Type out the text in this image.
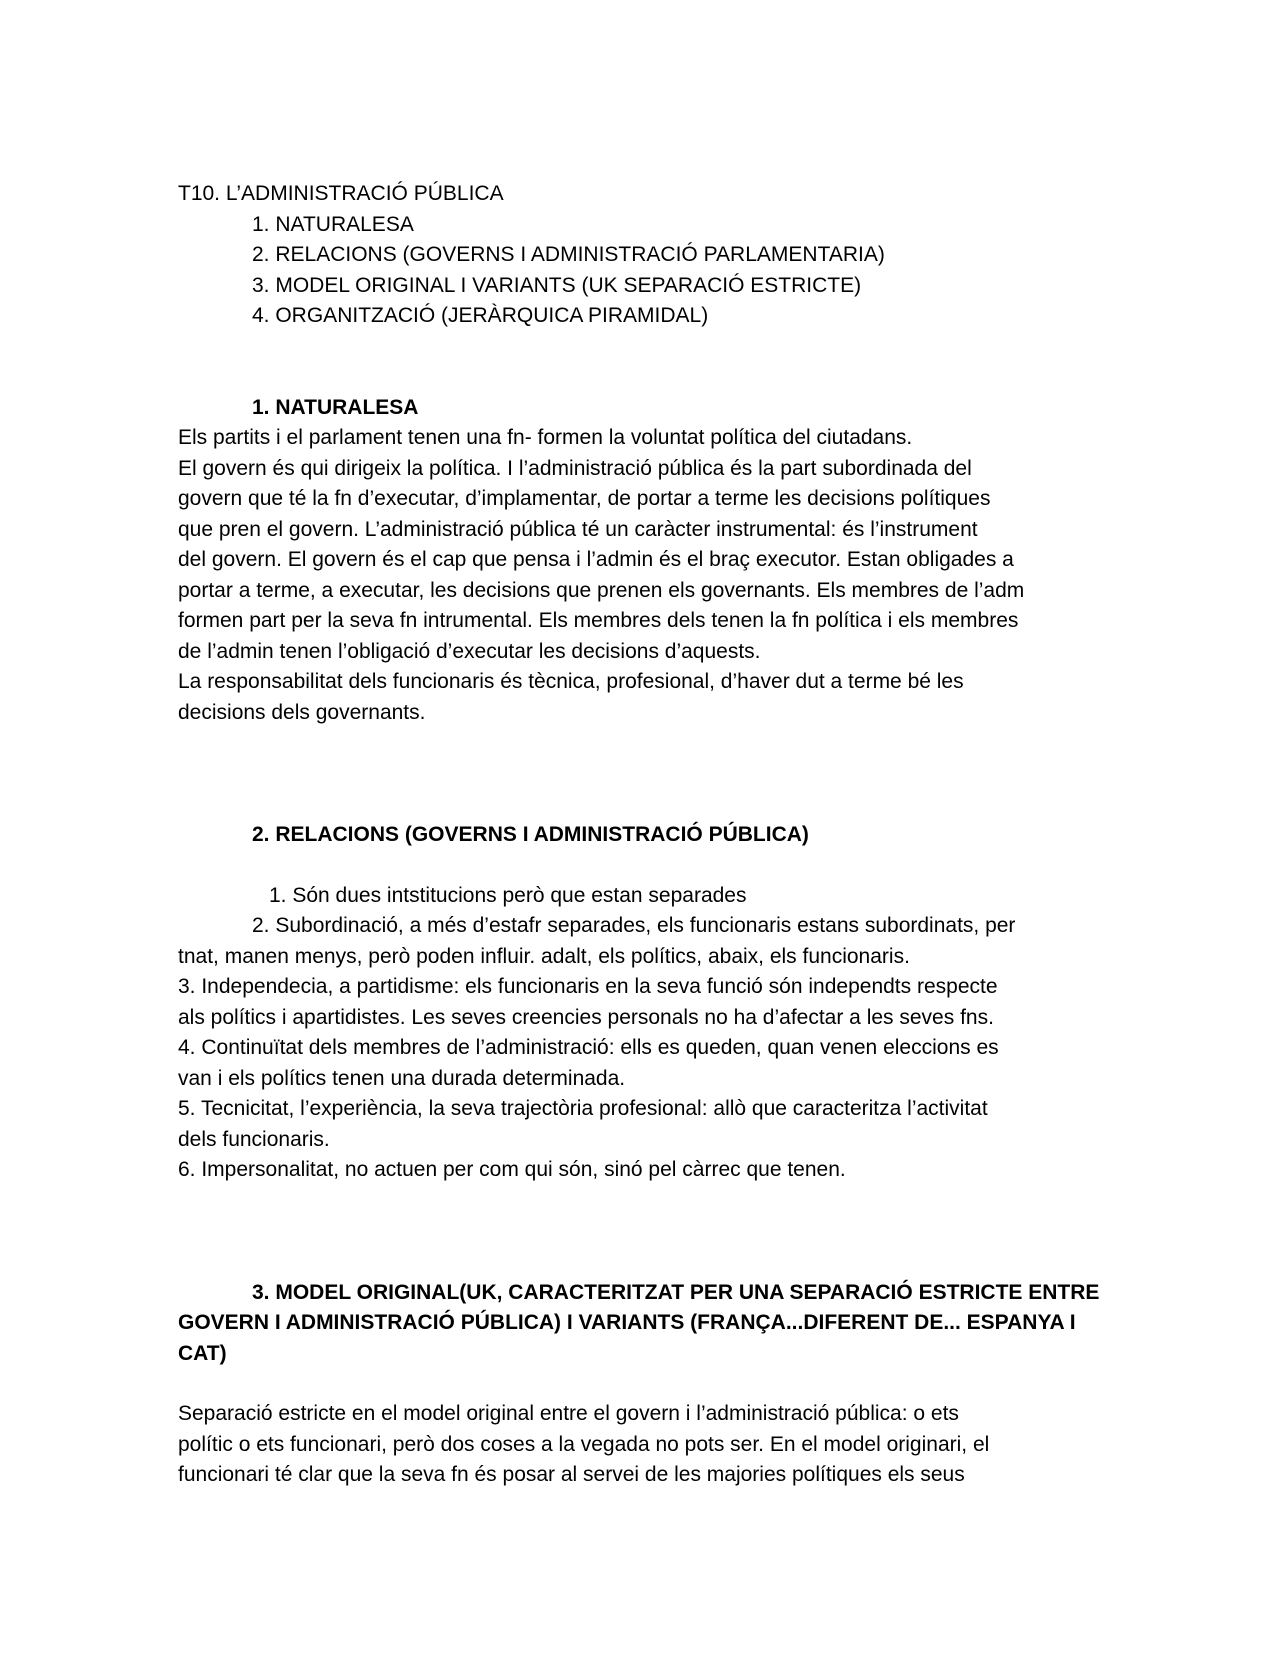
T10. L’ADMINISTRACIÓ PÚBLICA
1. NATURALESA
2. RELACIONS (GOVERNS I ADMINISTRACIÓ PARLAMENTARIA)
3. MODEL ORIGINAL I VARIANTS (UK SEPARACIÓ ESTRICTE)
4. ORGANITZACIÓ (JERÀRQUICA PIRAMIDAL)
1. NATURALESA
Els partits i el parlament tenen una fn- formen la voluntat política del ciutadans.
El govern és qui dirigeix la política. I l’administració pública és la part subordinada del
govern que té la fn d’executar, d’implamentar, de portar a terme les decisions polítiques
que pren el govern. L’administració pública té un caràcter instrumental: és l’instrument
del govern. El govern és el cap que pensa i l’admin és el braç executor. Estan obligades a
portar a terme, a executar, les decisions que prenen els governants. Els membres de l’adm
formen part per la seva fn intrumental. Els membres dels tenen la fn política i els membres
de l’admin tenen l’obligació d’executar les decisions d’aquests.
La responsabilitat dels funcionaris és tècnica, profesional, d’haver dut a terme bé les
decisions dels governants.
2. RELACIONS (GOVERNS I ADMINISTRACIÓ PÚBLICA)
1. Són dues intstitucions però que estan separades
2. Subordinació, a més d’estafr separades, els funcionaris estans subordinats, per
tnat, manen menys, però poden influir. adalt, els polítics, abaix, els funcionaris.
3. Independecia, a partidisme: els funcionaris en la seva funció són independts respecte
als polítics i apartidistes. Les seves creencies personals no ha d’afectar a les seves fns.
4. Continuïtat dels membres de l’administració: ells es queden, quan venen eleccions es
van i els polítics tenen una durada determinada.
5. Tecnicitat, l’experiència, la seva trajectòria profesional: allò que caracteritza l’activitat
dels funcionaris.
6. Impersonalitat, no actuen per com qui són, sinó pel càrrec que tenen.
3. MODEL ORIGINAL(UK, CARACTERITZAT PER UNA SEPARACIÓ ESTRICTE ENTRE
GOVERN I ADMINISTRACIÓ PÚBLICA) I VARIANTS (FRANÇA...DIFERENT DE... ESPANYA I
CAT)
Separació estricte en el model original entre el govern i l’administració pública: o ets
polític o ets funcionari, però dos coses a la vegada no pots ser. En el model originari, el
funcionari té clar que la seva fn és posar al servei de les majories polítiques els seus
